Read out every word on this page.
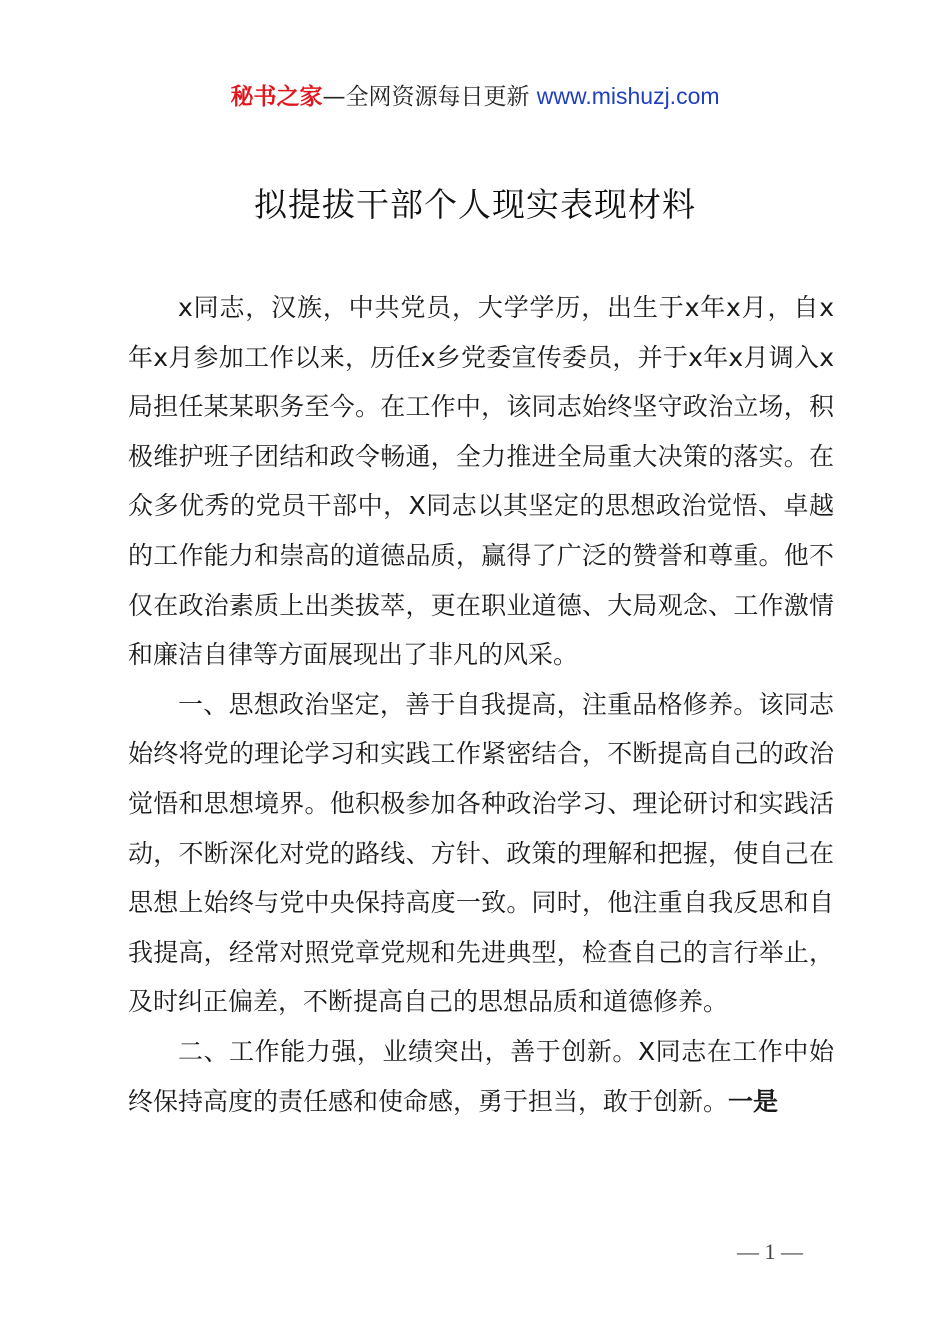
秘书之家—全网资源每日更新 www.mishuzj.com
拟提拔干部个人现实表现材料

x同志，汉族，中共党员，大学学历，出生于x年x月，自x年x月参加工作以来，历任x乡党委宣传委员，并于x年x月调入x局担任某某职务至今。在工作中，该同志始终坚守政治立场，积极维护班子团结和政令畅通，全力推进全局重大决策的落实。在众多优秀的党员干部中，X同志以其坚定的思想政治觉悟、卓越的工作能力和崇高的道德品质，赢得了广泛的赞誉和尊重。他不仅在政治素质上出类拔萃，更在职业道德、大局观念、工作激情和廉洁自律等方面展现出了非凡的风采。

一、思想政治坚定，善于自我提高，注重品格修养。该同志始终将党的理论学习和实践工作紧密结合，不断提高自己的政治觉悟和思想境界。他积极参加各种政治学习、理论研讨和实践活动，不断深化对党的路线、方针、政策的理解和把握，使自己在思想上始终与党中央保持高度一致。同时，他注重自我反思和自我提高，经常对照党章党规和先进典型，检查自己的言行举止，及时纠正偏差，不断提高自己的思想品质和道德修养。

二、工作能力强，业绩突出，善于创新。X同志在工作中始终保持高度的责任感和使命感，勇于担当，敢于创新。一是

— 1 —
